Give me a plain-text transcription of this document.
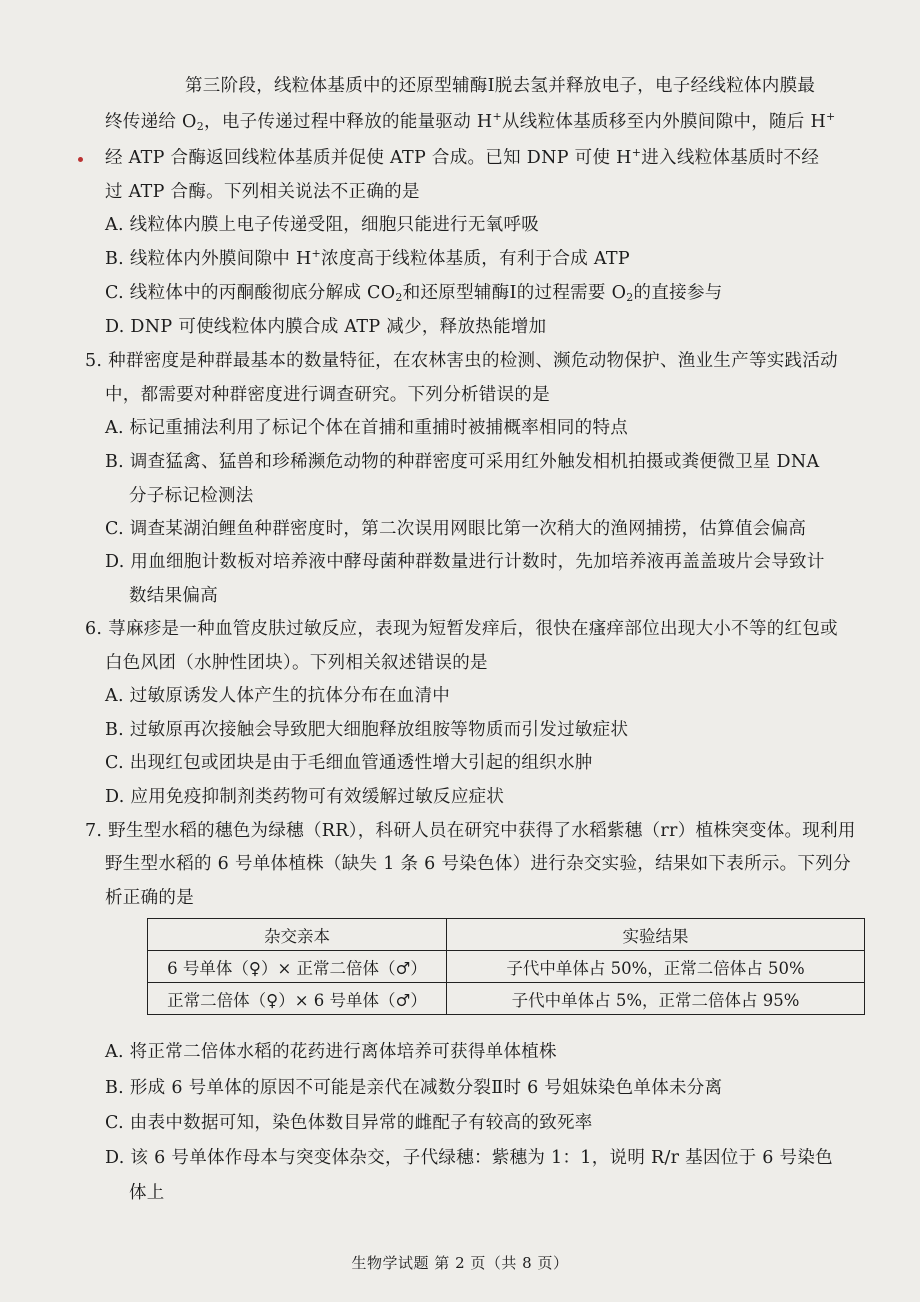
第三阶段，线粒体基质中的还原型辅酶Ⅰ脱去氢并释放电子，电子经线粒体内膜最
终传递给 $O_2$，电子传递过程中释放的能量驱动 H+从线粒体基质移至内外膜间隙中，随后 H+
经 ATP 合酶返回线粒体基质并促使 ATP 合成。已知 DNP 可使 H+进入线粒体基质时不经
过 ATP 合酶。下列相关说法不正确的是
A. 线粒体内膜上电子传递受阻，细胞只能进行无氧呼吸
B. 线粒体内外膜间隙中 H+浓度高于线粒体基质，有利于合成 ATP
C. 线粒体中的丙酮酸彻底分解成 $CO_2$和还原型辅酶Ⅰ的过程需要 $O_2$的直接参与
D. DNP 可使线粒体内膜合成 ATP 减少，释放热能增加
5. 种群密度是种群最基本的数量特征，在农林害虫的检测、濒危动物保护、渔业生产等实践活动
中，都需要对种群密度进行调查研究。下列分析错误的是
A. 标记重捕法利用了标记个体在首捕和重捕时被捕概率相同的特点
B. 调查猛禽、猛兽和珍稀濒危动物的种群密度可采用红外触发相机拍摄或粪便微卫星 DNA
分子标记检测法
C. 调查某湖泊鲤鱼种群密度时，第二次误用网眼比第一次稍大的渔网捕捞，估算值会偏高
D. 用血细胞计数板对培养液中酵母菌种群数量进行计数时，先加培养液再盖盖玻片会导致计
数结果偏高
6. 荨麻疹是一种血管皮肤过敏反应，表现为短暂发痒后，很快在瘙痒部位出现大小不等的红包或
白色风团（水肿性团块）。下列相关叙述错误的是
A. 过敏原诱发人体产生的抗体分布在血清中
B. 过敏原再次接触会导致肥大细胞释放组胺等物质而引发过敏症状
C. 出现红包或团块是由于毛细血管通透性增大引起的组织水肿
D. 应用免疫抑制剂类药物可有效缓解过敏反应症状
7. 野生型水稻的穗色为绿穗（RR），科研人员在研究中获得了水稻紫穗（rr）植株突变体。现利用
野生型水稻的 6 号单体植株（缺失 1 条 6 号染色体）进行杂交实验，结果如下表所示。下列分
析正确的是
杂交亲本	实验结果
6 号单体（♀）× 正常二倍体（♂）	子代中单体占 50%，正常二倍体占 50%
正常二倍体（♀）× 6 号单体（♂）	子代中单体占 5%，正常二倍体占 95%
A. 将正常二倍体水稻的花药进行离体培养可获得单体植株
B. 形成 6 号单体的原因不可能是亲代在减数分裂Ⅱ时 6 号姐妹染色单体未分离
C. 由表中数据可知，染色体数目异常的雌配子有较高的致死率
D. 该 6 号单体作母本与突变体杂交，子代绿穗：紫穗为 1：1，说明 R/r 基因位于 6 号染色
体上
生物学试题 第 2 页（共 8 页）
